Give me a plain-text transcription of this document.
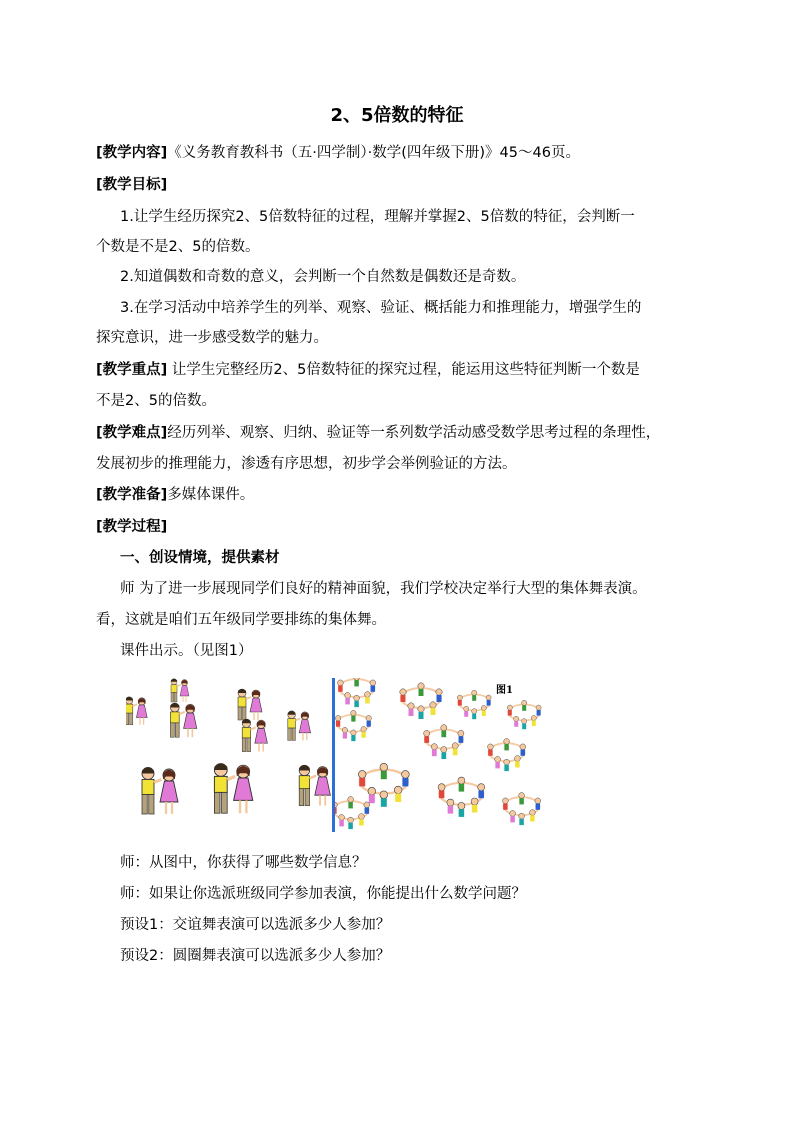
2、5倍数的特征
[教学内容]《义务教育教科书（五·四学制）·数学(四年级下册)》45～46页。
[教学目标]
1.让学生经历探究2、5倍数特征的过程，理解并掌握2、5倍数的特征，会判断一
个数是不是2、5的倍数。
2.知道偶数和奇数的意义，会判断一个自然数是偶数还是奇数。
3.在学习活动中培养学生的列举、观察、验证、概括能力和推理能力，增强学生的
探究意识，进一步感受数学的魅力。
[教学重点] 让学生完整经历2、5倍数特征的探究过程，能运用这些特征判断一个数是
不是2、5的倍数。
[教学难点]经历列举、观察、归纳、验证等一系列数学活动感受数学思考过程的条理性，
发展初步的推理能力，渗透有序思想，初步学会举例验证的方法。
[教学准备]多媒体课件。
[教学过程]
一、创设情境，提供素材
师 为了进一步展现同学们良好的精神面貌，我们学校决定举行大型的集体舞表演。
看，这就是咱们五年级同学要排练的集体舞。
课件出示。（见图1）
图1
师：从图中，你获得了哪些数学信息？
师：如果让你选派班级同学参加表演，你能提出什么数学问题？
预设1：交谊舞表演可以选派多少人参加？
预设2：圆圈舞表演可以选派多少人参加？
